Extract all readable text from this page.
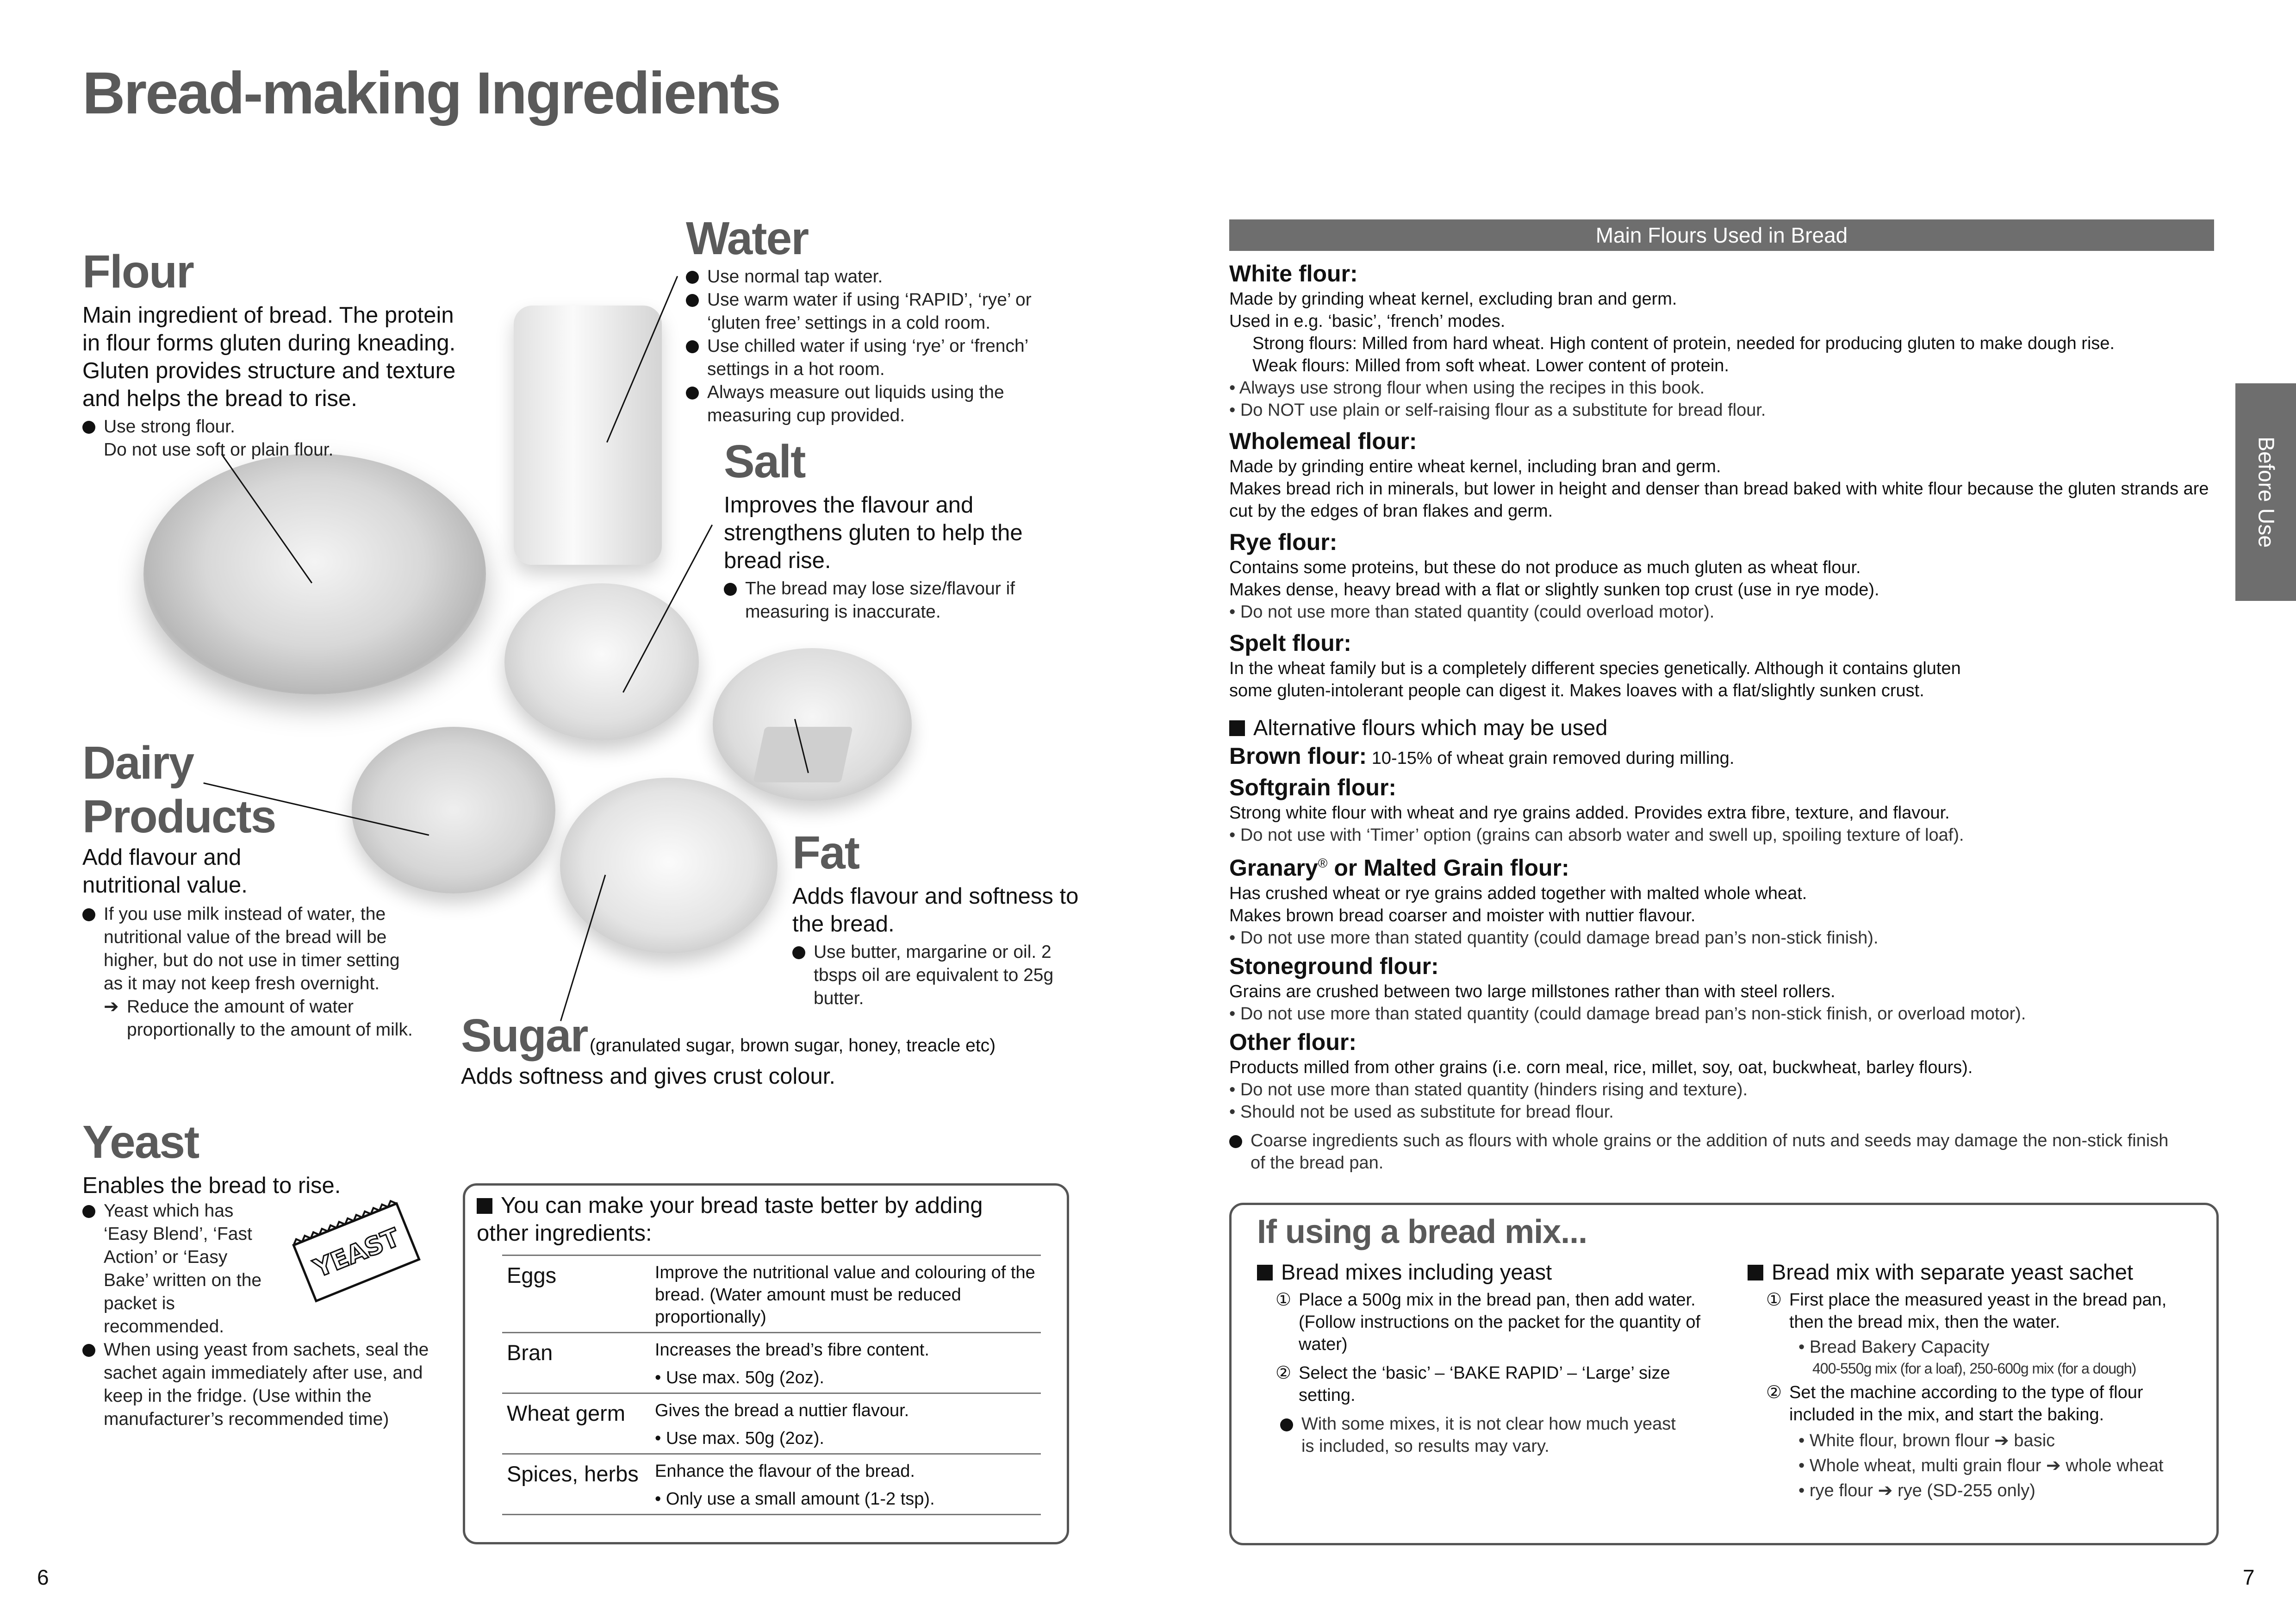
Bread-making Ingredients
Flour
Main ingredient of bread. The protein in flour forms gluten during kneading. Gluten provides structure and texture and helps the bread to rise.
Use strong flour.
Do not use soft or plain flour.
Water
Use normal tap water.
Use warm water if using ‘RAPID’, ‘rye’ or ‘gluten free’ settings in a cold room.
Use chilled water if using ‘rye’ or ‘french’ settings in a hot room.
Always measure out liquids using the measuring cup provided.
Salt
Improves the flavour and strengthens gluten to help the bread rise.
The bread may lose size/flavour if measuring is inaccurate.
Dairy
Products
Add flavour and nutritional value.
If you use milk instead of water, the nutritional value of the bread will be higher, but do not use in timer setting as it may not keep fresh overnight.
➔ Reduce the amount of water proportionally to the amount of milk.
Fat
Adds flavour and softness to the bread.
Use butter, margarine or oil. 2 tbsps oil are equivalent to 25g butter.
Sugar (granulated sugar, brown sugar, honey, treacle etc)
Adds softness and gives crust colour.
Yeast
Enables the bread to rise.
Yeast which has ‘Easy Blend’, ‘Fast Action’ or ‘Easy Bake’ written on the packet is recommended.
When using yeast from sachets, seal the sachet again immediately after use, and keep in the fridge. (Use within the manufacturer’s recommended time)
YEAST
You can make your bread taste better by adding other ingredients:
Eggs	Improve the nutritional value and colouring of the bread. (Water amount must be reduced proportionally)
Bran	Increases the bread’s fibre content.
• Use max. 50g (2oz).

Wheat germ	Gives the bread a nuttier flavour.
• Use max. 50g (2oz).

Spices, herbs	Enhance the flavour of the bread.
• Only use a small amount (1-2 tsp).
6
Main Flours Used in Bread
White flour:
Made by grinding wheat kernel, excluding bran and germ.
Used in e.g. ‘basic’, ‘french’ modes.
Strong flours: Milled from hard wheat. High content of protein, needed for producing gluten to make dough rise.
Weak flours: Milled from soft wheat. Lower content of protein.
• Always use strong flour when using the recipes in this book.
• Do NOT use plain or self-raising flour as a substitute for bread flour.
Wholemeal flour:
Made by grinding entire wheat kernel, including bran and germ.
Makes bread rich in minerals, but lower in height and denser than bread baked with white flour because the gluten strands are cut by the edges of bran flakes and germ.
Rye flour:
Contains some proteins, but these do not produce as much gluten as wheat flour.
Makes dense, heavy bread with a flat or slightly sunken top crust (use in rye mode).
• Do not use more than stated quantity (could overload motor).
Spelt flour:
In the wheat family but is a completely different species genetically. Although it contains gluten
some gluten-intolerant people can digest it. Makes loaves with a flat/slightly sunken crust.
Alternative flours which may be used
Brown flour: 10-15% of wheat grain removed during milling.
Softgrain flour:
Strong white flour with wheat and rye grains added. Provides extra fibre, texture, and flavour.
• Do not use with ‘Timer’ option (grains can absorb water and swell up, spoiling texture of loaf).
Granary® or Malted Grain flour:
Has crushed wheat or rye grains added together with malted whole wheat.
Makes brown bread coarser and moister with nuttier flavour.
• Do not use more than stated quantity (could damage bread pan’s non-stick finish).
Stoneground flour:
Grains are crushed between two large millstones rather than with steel rollers.
• Do not use more than stated quantity (could damage bread pan’s non-stick finish, or overload motor).
Other flour:
Products milled from other grains (i.e. corn meal, rice, millet, soy, oat, buckwheat, barley flours).
• Do not use more than stated quantity (hinders rising and texture).
• Should not be used as substitute for bread flour.
Coarse ingredients such as flours with whole grains or the addition of nuts and seeds may damage the non-stick finish of the bread pan.
If using a bread mix...
Bread mixes including yeast
① Place a 500g mix in the bread pan, then add water. (Follow instructions on the packet for the quantity of water)
② Select the ‘basic’ – ‘BAKE RAPID’ – ‘Large’ size setting.
With some mixes, it is not clear how much yeast is included, so results may vary.
Bread mix with separate yeast sachet
① First place the measured yeast in the bread pan, then the bread mix, then the water.
• Bread Bakery Capacity
400-550g mix (for a loaf), 250-600g mix (for a dough)
② Set the machine according to the type of flour included in the mix, and start the baking.
• White flour, brown flour ➔ basic
• Whole wheat, multi grain flour ➔ whole wheat
• rye flour ➔ rye (SD-255 only)
Before Use
7
